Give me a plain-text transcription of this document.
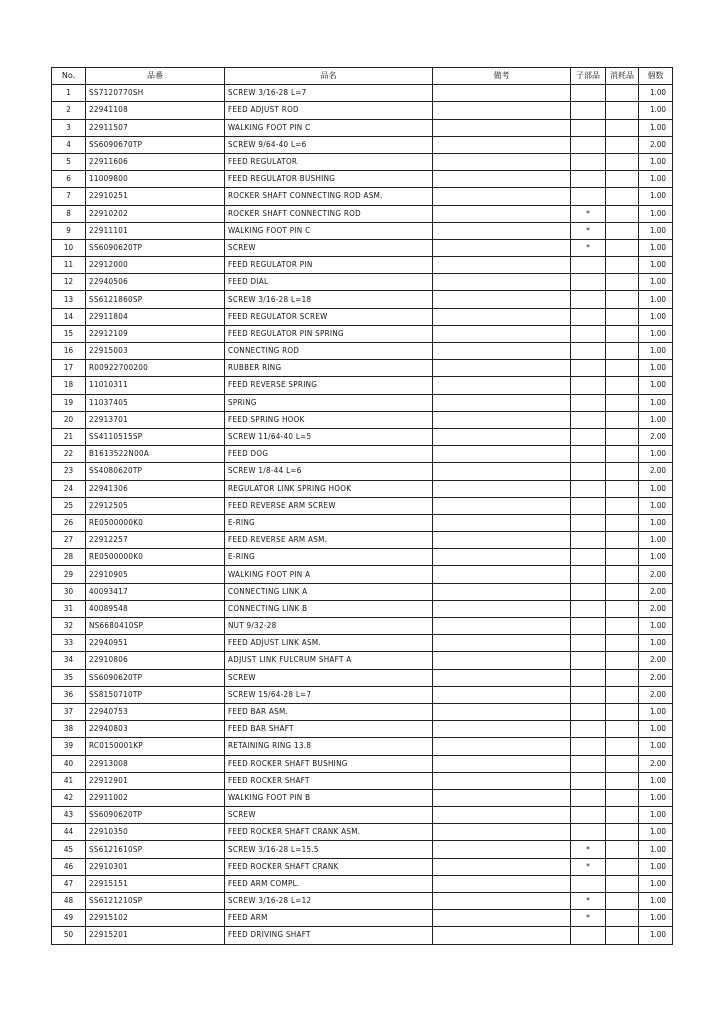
No.	品番	品名	備考	子部品	消耗品	個数
1	SS7120770SH	SCREW 3/16-28 L=7				1.00
2	22941108	FEED ADJUST ROD				1.00
3	22911507	WALKING FOOT PIN C				1.00
4	SS6090670TP	SCREW 9/64-40 L=6				2.00
5	22911606	FEED REGULATOR				1.00
6	11009800	FEED REGULATOR BUSHING				1.00
7	22910251	ROCKER SHAFT CONNECTING ROD ASM.				1.00
8	22910202	ROCKER SHAFT CONNECTING ROD		*		1.00
9	22911101	WALKING FOOT PIN C		*		1.00
10	SS6090620TP	SCREW		*		1.00
11	22912000	FEED REGULATOR PIN				1.00
12	22940506	FEED DIAL				1.00
13	SS6121860SP	SCREW 3/16-28 L=18				1.00
14	22911804	FEED REGULATOR SCREW				1.00
15	22912109	FEED REGULATOR PIN SPRING				1.00
16	22915003	CONNECTING ROD				1.00
17	R00922700200	RUBBER RING				1.00
18	11010311	FEED REVERSE SPRING				1.00
19	11037405	SPRING				1.00
20	22913701	FEED SPRING HOOK				1.00
21	SS4110515SP	SCREW 11/64-40 L=5				2.00
22	B1613522N00A	FEED DOG				1.00
23	SS4080620TP	SCREW 1/8-44 L=6				2.00
24	22941306	REGULATOR LINK SPRING HOOK				1.00
25	22912505	FEED REVERSE ARM SCREW				1.00
26	RE0500000K0	E-RING				1.00
27	22912257	FEED REVERSE ARM ASM.				1.00
28	RE0500000K0	E-RING				1.00
29	22910905	WALKING FOOT PIN A				2.00
30	40093417	CONNECTING LINK A				2.00
31	40089548	CONNECTING LINK B				2.00
32	NS6680410SP	NUT 9/32-28				1.00
33	22940951	FEED ADJUST LINK ASM.				1.00
34	22910806	ADJUST LINK FULCRUM SHAFT A				2.00
35	SS6090620TP	SCREW				2.00
36	SS8150710TP	SCREW 15/64-28 L=7				2.00
37	22940753	FEED BAR ASM.				1.00
38	22940803	FEED BAR SHAFT				1.00
39	RC0150001KP	RETAINING RING 13.8				1.00
40	22913008	FEED ROCKER SHAFT BUSHING				2.00
41	22912901	FEED ROCKER SHAFT				1.00
42	22911002	WALKING FOOT PIN B				1.00
43	SS6090620TP	SCREW				1.00
44	22910350	FEED ROCKER SHAFT CRANK ASM.				1.00
45	SS6121610SP	SCREW 3/16-28 L=15.5		*		1.00
46	22910301	FEED ROCKER SHAFT CRANK		*		1.00
47	22915151	FEED ARM COMPL.				1.00
48	SS6121210SP	SCREW 3/16-28 L=12		*		1.00
49	22915102	FEED ARM		*		1.00
50	22915201	FEED DRIVING SHAFT				1.00
